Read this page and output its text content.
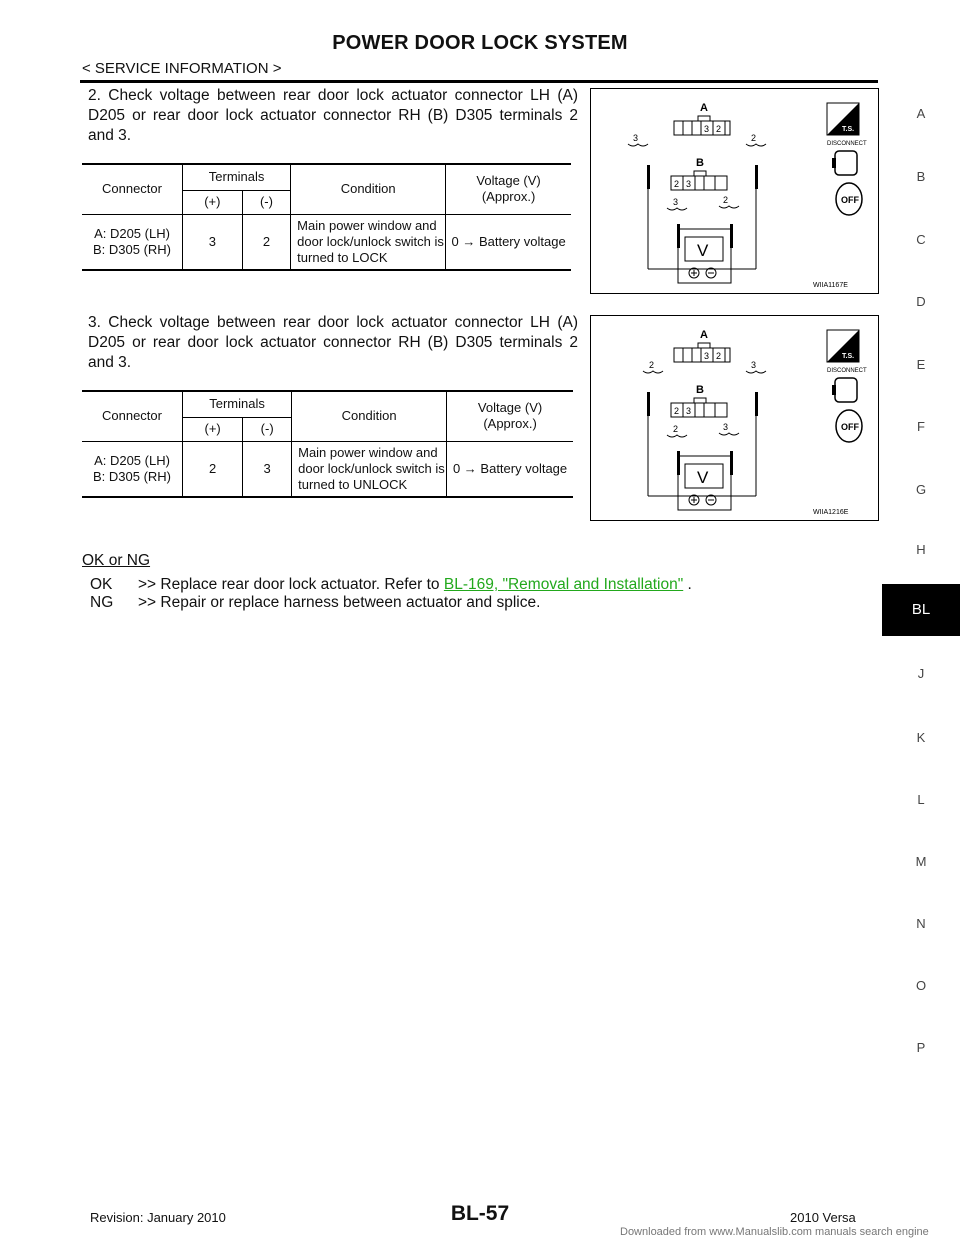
POWER DOOR LOCK SYSTEM
< SERVICE INFORMATION >
2. Check voltage between rear door lock actuator connector LH (A) D205 or rear door lock actuator connector RH (B) D305 terminals 2 and 3.
Connector	Terminals		Condition	Voltage (V)
(Approx.)
	(+)	(-)		
A: D205 (LH)
B: D305 (RH)	3	2	Main power window and door lock/unlock switch is turned to LOCK	0 → Battery voltage
A
3 2
3	2
B
2 3
3	2
V
T.S.
DISCONNECT
OFF
WIIA1167E
3. Check voltage between rear door lock actuator connector LH (A) D205 or rear door lock actuator connector RH (B) D305 terminals 2 and 3.
Connector	Terminals		Condition	Voltage (V)
(Approx.)
	(+)	(-)		
A: D205 (LH)
B: D305 (RH)	2	3	Main power window and door lock/unlock switch is turned to UNLOCK	0 → Battery voltage
A
3 2
2	3
B
2 3
2	3
V
T.S.
DISCONNECT
OFF
WIIA1216E
OK or NG
OK >> Replace rear door lock actuator. Refer to BL-169, "Removal and Installation" .
NG >> Repair or replace harness between actuator and splice.
A
B
C
D
E
F
G
H
BL
J
K
L
M
N
O
P
Revision: January 2010	BL-57	2010 Versa
Downloaded from www.Manualslib.com manuals search engine
